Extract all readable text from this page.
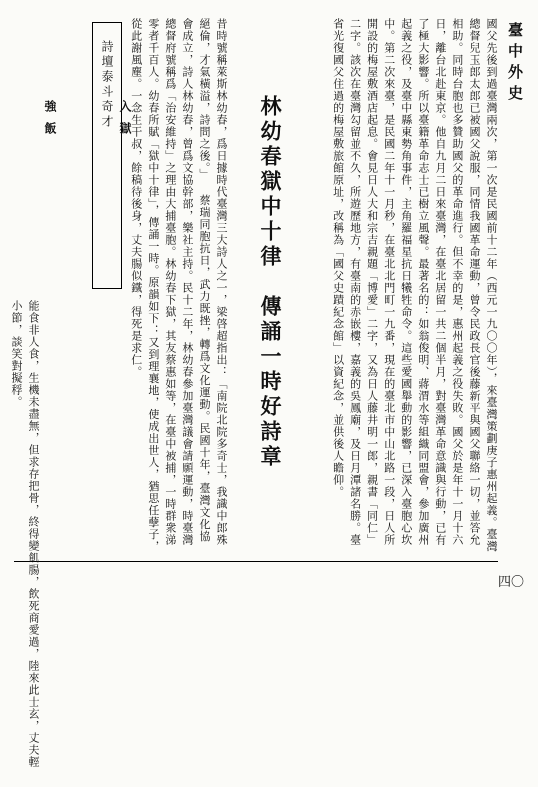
臺中外史
四〇
國父先後到過臺灣兩次，第一次是民國前十二年（西元一九〇〇年），來臺灣策劃庚子惠州起義。臺灣總督兒玉郎太郎已被國父說服，同情我國革命運動，曾令民政長官後藤新平與國父聯絡一切，並答允相助。同時台胞也多贊助國父的革命進行。但不幸的是，惠州起義之役失敗。國父於是年十一月十六日，離台北赴東京。他自九月二日來臺灣，在臺北居留一共二個半月，對臺灣革命意識與行動，已有了極大影響。所以臺籍革命志士已樹立風聲。最著名的：如翁俊明、蔣渭水等組織同盟會，參加廣州起義之役，及臺中縣東勢角事件，主角羅福星抗日犧牲命令。這些愛國舉動的影響，已深入臺胞心坎中。第二次來臺，是民國二年十一月秒，在臺北北門町一九番，現在的臺北市中山北路一段，日人所開設的梅屋敷酒店起息。會見日人大和宗吉親題「博愛」二字，又為日人藤井明一郎，親書「同仁」二字。該次在臺灣勾留並不久，所遊歷地方，有臺南的赤嵌樓，嘉義的吳鳳廟，及日月潭諸名勝。臺省光復國父住過的梅屋敷旅館原址，改稱為「國父史蹟紀念館」以資紀念，並供後人瞻仰。
林幼春獄中十律　傳誦一時好詩章
昔時號稱萊斯林幼春，爲日據時代臺灣三大詩人之一，梁啓超指出：「南院北院多奇士，我識中郎殊絕倫，才氣橫溢，詩問之後。」 蔡瑞同胞抗日，武力既挫，轉爲文化運動。民國十年，臺灣文化協會成立，詩人林幼春，曾爲文協幹部，樂社主持。民十二年，林幼春參加臺灣議會請願運動，時臺灣總督府號稱爲「治安維持」之理由大捕臺胞。林幼春下獄，其友蔡惠如等，在臺中被捕，一時群衆涕零者千百人。幼春所賦「獄中十律」，傳誦一時。原韻如下：又到理襄地，使成出世人，猶思任孽子，從此謝風塵。一念生干叔，餘稿待後身，丈夫腸似鐵，得死是求仁。
詩壇泰斗奇才 入獄
強飯
能食非人食，生機未盡無，但求存把骨，終得變飢腸，飲死商愛過，陸來此士玄，丈夫輕小節，談笑對擬稃。
